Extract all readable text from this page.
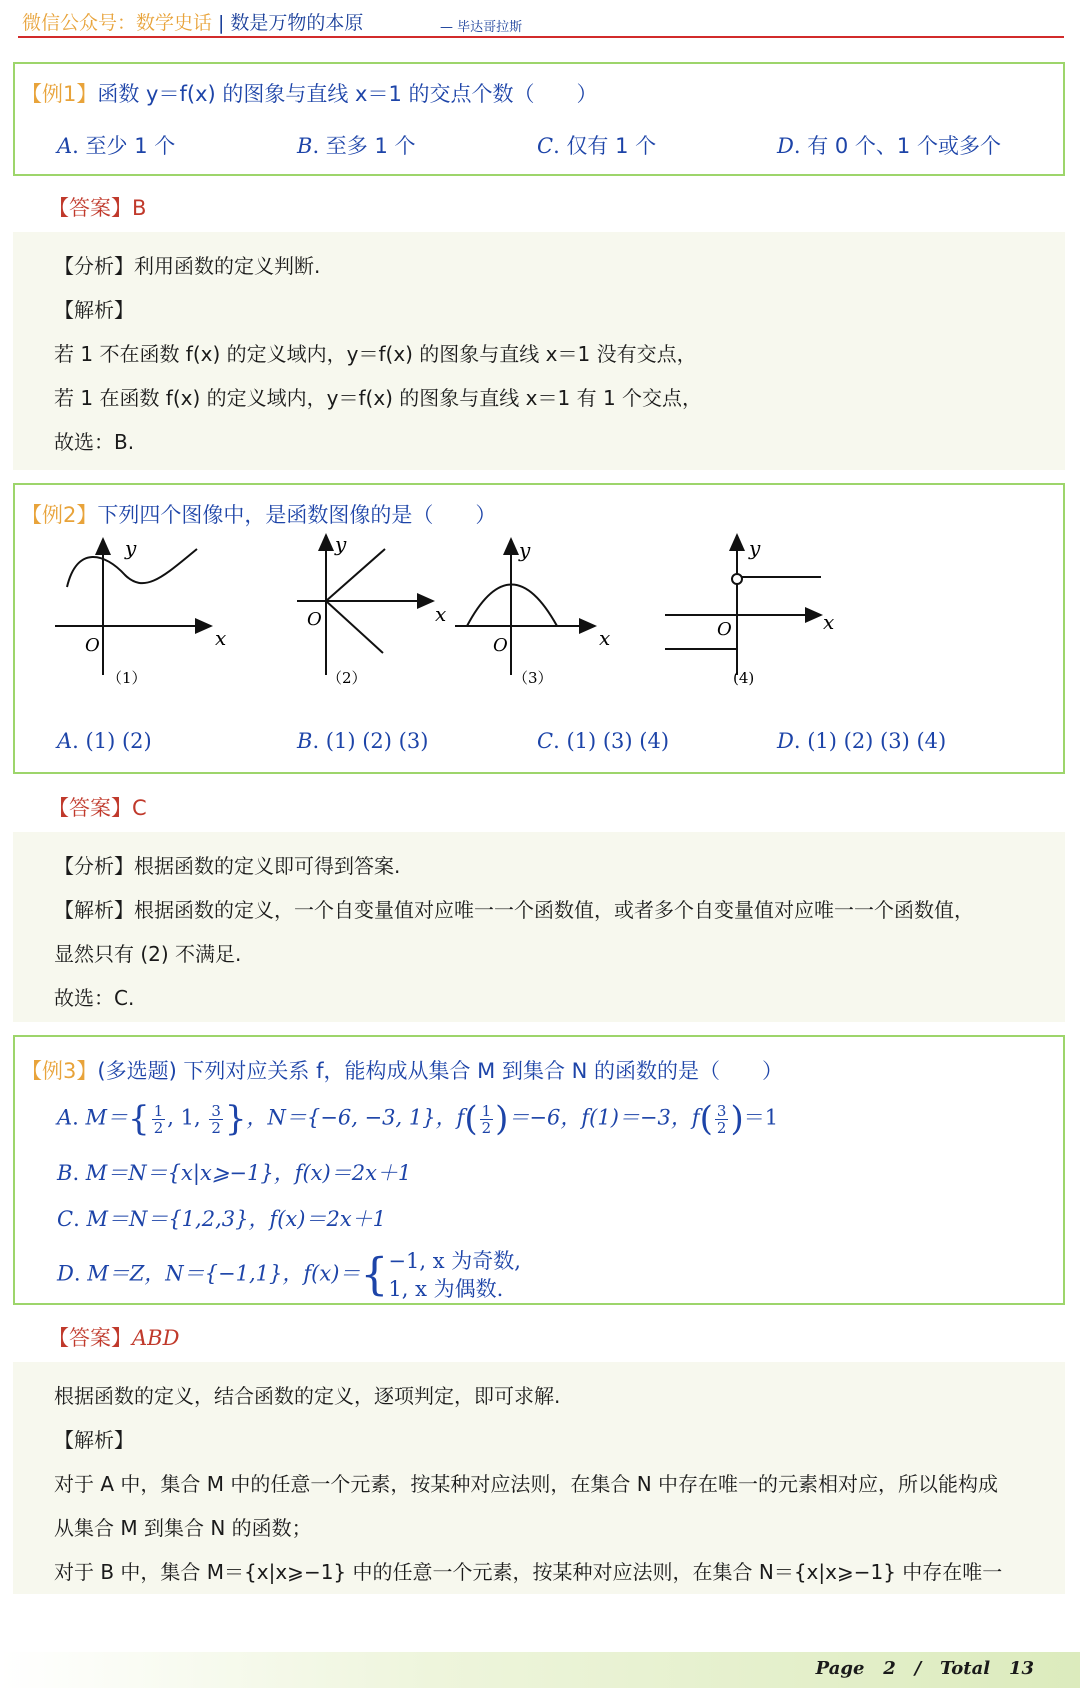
微信公众号：数学史话 | 数是万物的本原	— 毕达哥拉斯
【例1】函数 y＝f(x) 的图象与直线 x＝1 的交点个数（　　）
A. 至少 1 个	B. 至多 1 个	C. 仅有 1 个	D. 有 0 个、1 个或多个
【答案】B
【分析】利用函数的定义判断.
【解析】
若 1 不在函数 f(x) 的定义域内，y＝f(x) 的图象与直线 x＝1 没有交点，
若 1 在函数 f(x) 的定义域内，y＝f(x) 的图象与直线 x＝1 有 1 个交点，
故选：B.
【例2】下列四个图像中，是函数图像的是（　　）
y
x
O
（1）
y
x
O
（2）
y
x
O
（3）
y
x
O
(4)
A. (1) (2)	B. (1) (2) (3)	C. (1) (3) (4)	D. (1) (2) (3) (4)
【答案】C
【分析】根据函数的定义即可得到答案.
【解析】根据函数的定义，一个自变量值对应唯一一个函数值，或者多个自变量值对应唯一一个函数值，
显然只有 (2) 不满足.
故选：C.
【例3】(多选题) 下列对应关系 f，能构成从集合 M 到集合 N 的函数的是（　　）
A. $M=\{ \frac{1}{2}$ , 1, $\frac{3}{2}$ }，N＝{−6, −3, 1}，$f( \frac{1}{2} )=-6$，f(1)＝−3，$f( \frac{3}{2} )=1$
B. M＝N＝{x|x⩾−1}，f(x)＝2x＋1
C. M＝N＝{1,2,3}，f(x)＝2x＋1
D. M＝Z，N＝{−1,1}，f(x)＝{ −1, x 为奇数,
1, x 为偶数.
【答案】ABD
根据函数的定义，结合函数的定义，逐项判定，即可求解.
【解析】
对于 A 中，集合 M 中的任意一个元素，按某种对应法则，在集合 N 中存在唯一的元素相对应，所以能构成
从集合 M 到集合 N 的函数；
对于 B 中，集合 M＝{x|x⩾−1} 中的任意一个元素，按某种对应法则，在集合 N＝{x|x⩾−1} 中存在唯一
Page 2 / Total 13
